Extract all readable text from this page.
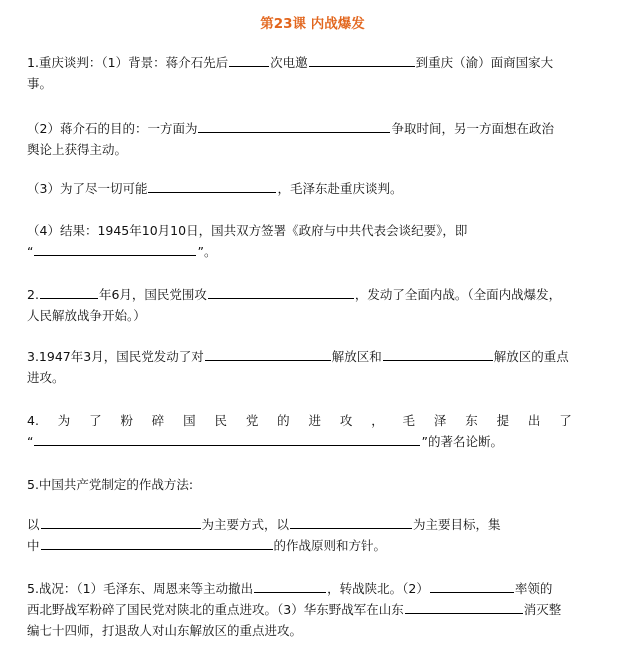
第23课 内战爆发
1.重庆谈判：（1）背景：蒋介石先后	次电邀	到重庆（渝）面商国家大
事。
（2）蒋介石的目的：一方面为	争取时间，另一方面想在政治
舆论上获得主动。
（3）为了尽一切可能	，毛泽东赴重庆谈判。
（4）结果：1945年10月10日，国共双方签署《政府与中共代表会谈纪要》，即
“	”。
2.	年6月，国民党围攻	，发动了全面内战。（全面内战爆发，
人民解放战争开始。）
3.1947年3月，国民党发动了对	解放区和	解放区的重点
进攻。
4. 为 了 粉 碎 国 民 党 的 进 攻 ， 毛 泽 东 提 出 了
“	”的著名论断。
5.中国共产党制定的作战方法:
以	为主要方式，以	为主要目标，集
中	的作战原则和方针。
5.战况：（1）毛泽东、周恩来等主动撤出	，转战陕北。（2）	率领的
西北野战军粉碎了国民党对陕北的重点进攻。（3）华东野战军在山东	消灭整
编七十四师，打退敌人对山东解放区的重点进攻。
